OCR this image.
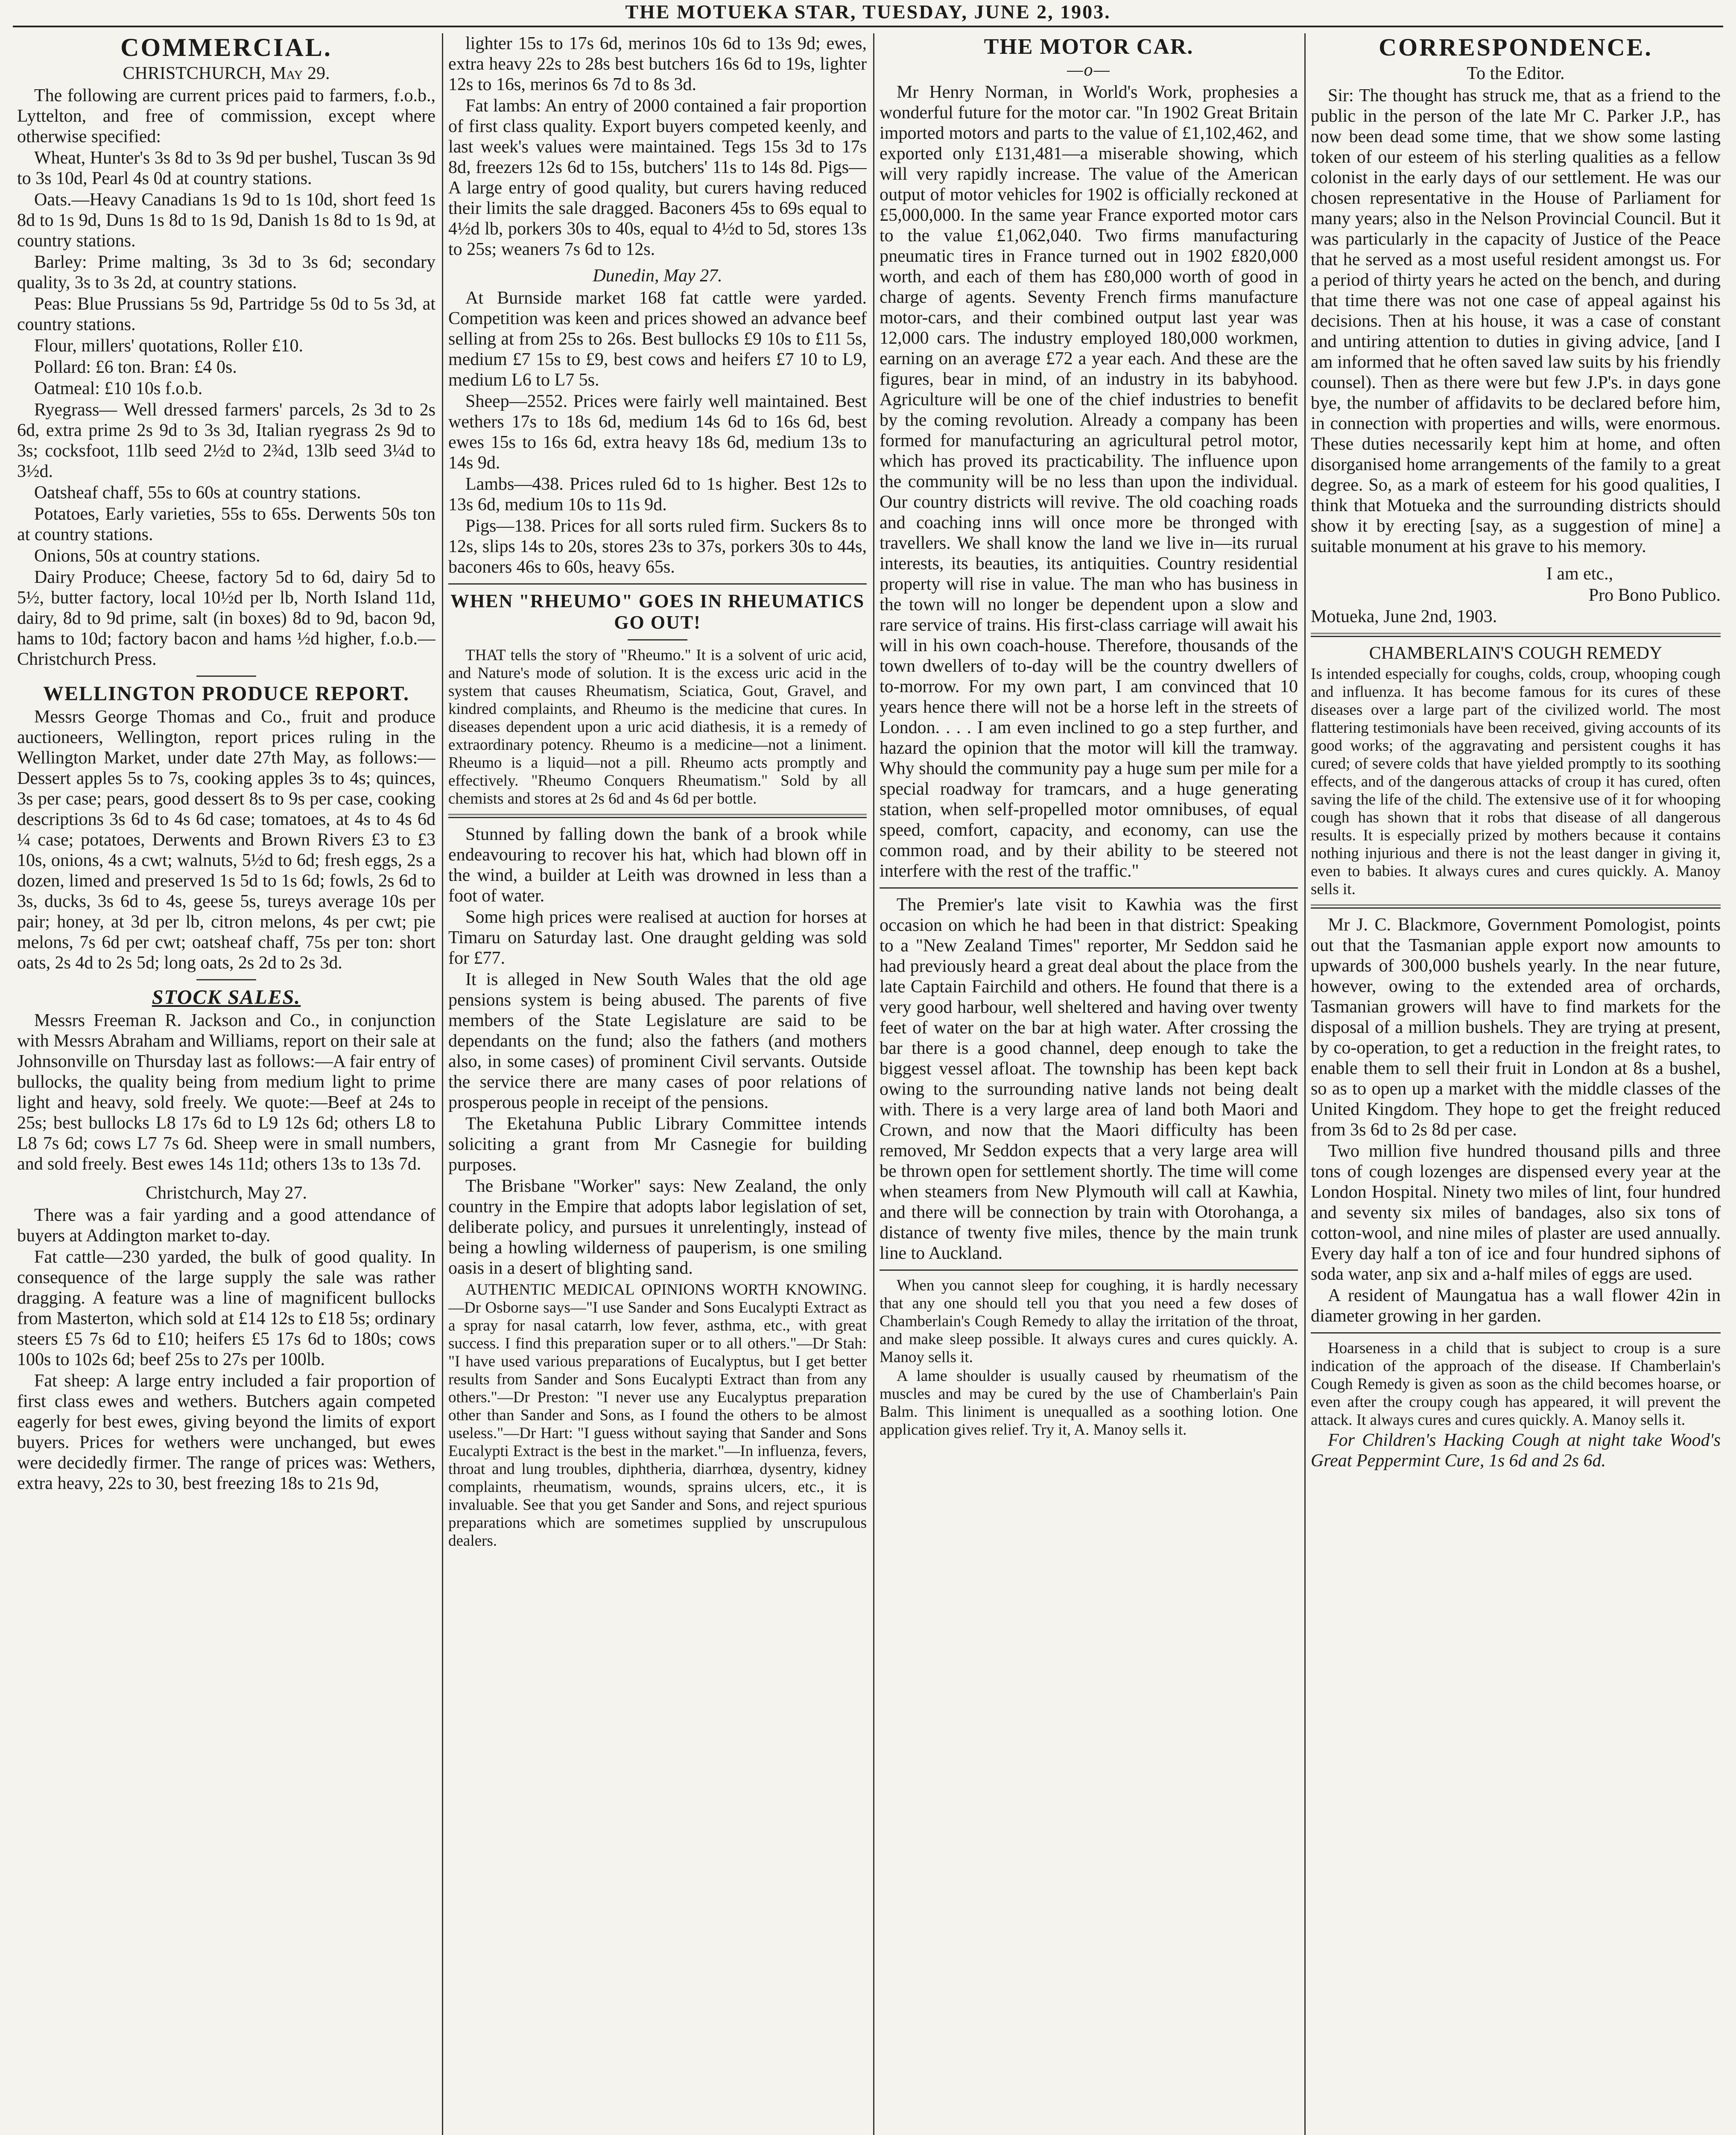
THE MOTUEKA STAR, TUESDAY, JUNE 2, 1903.
COMMERCIAL.

CHRISTCHURCH, May 29.

The following are current prices paid to farmers, f.o.b., Lyttelton, and free of commission, except where otherwise specified:

Wheat, Hunter's 3s 8d to 3s 9d per bushel, Tuscan 3s 9d to 3s 10d, Pearl 4s 0d at country stations.

Oats.—Heavy Canadians 1s 9d to 1s 10d, short feed 1s 8d to 1s 9d, Duns 1s 8d to 1s 9d, Danish 1s 8d to 1s 9d, at country stations.

Barley: Prime malting, 3s 3d to 3s 6d; secondary quality, 3s to 3s 2d, at country stations.

Peas: Blue Prussians 5s 9d, Partridge 5s 0d to 5s 3d, at country stations.

Flour, millers' quotations, Roller £10.

Pollard: £6 ton. Bran: £4 0s.

Oatmeal: £10 10s f.o.b.

Ryegrass— Well dressed farmers' parcels, 2s 3d to 2s 6d, extra prime 2s 9d to 3s 3d, Italian ryegrass 2s 9d to 3s; cocksfoot, 11lb seed 2½d to 2¾d, 13lb seed 3¼d to 3½d.

Oatsheaf chaff, 55s to 60s at country stations.

Potatoes, Early varieties, 55s to 65s. Derwents 50s ton at country stations.

Onions, 50s at country stations.

Dairy Produce; Cheese, factory 5d to 6d, dairy 5d to 5½, butter factory, local 10½d per lb, North Island 11d, dairy, 8d to 9d prime, salt (in boxes) 8d to 9d, bacon 9d, hams to 10d; factory bacon and hams ½d higher, f.o.b.—Christchurch Press.

WELLINGTON PRODUCE REPORT.

Messrs George Thomas and Co., fruit and produce auctioneers, Wellington, report prices ruling in the Wellington Market, under date 27th May, as follows:—Dessert apples 5s to 7s, cooking apples 3s to 4s; quinces, 3s per case; pears, good dessert 8s to 9s per case, cooking descriptions 3s 6d to 4s 6d case; tomatoes, at 4s to 4s 6d ¼ case; potatoes, Derwents and Brown Rivers £3 to £3 10s, onions, 4s a cwt; walnuts, 5½d to 6d; fresh eggs, 2s a dozen, limed and preserved 1s 5d to 1s 6d; fowls, 2s 6d to 3s, ducks, 3s 6d to 4s, geese 5s, tureys average 10s per pair; honey, at 3d per lb, citron melons, 4s per cwt; pie melons, 7s 6d per cwt; oatsheaf chaff, 75s per ton: short oats, 2s 4d to 2s 5d; long oats, 2s 2d to 2s 3d.

STOCK SALES.

Messrs Freeman R. Jackson and Co., in conjunction with Messrs Abraham and Williams, report on their sale at Johnsonville on Thursday last as follows:—A fair entry of bullocks, the quality being from medium light to prime light and heavy, sold freely. We quote:—Beef at 24s to 25s; best bullocks L8 17s 6d to L9 12s 6d; others L8 to L8 7s 6d; cows L7 7s 6d. Sheep were in small numbers, and sold freely. Best ewes 14s 11d; others 13s to 13s 7d.

Christchurch, May 27.

There was a fair yarding and a good attendance of buyers at Addington market to-day.

Fat cattle—230 yarded, the bulk of good quality. In consequence of the large supply the sale was rather dragging. A feature was a line of magnificent bullocks from Masterton, which sold at £14 12s to £18 5s; ordinary steers £5 7s 6d to £10; heifers £5 17s 6d to 180s; cows 100s to 102s 6d; beef 25s to 27s per 100lb.

Fat sheep: A large entry included a fair proportion of first class ewes and wethers. Butchers again competed eagerly for best ewes, giving beyond the limits of export buyers. Prices for wethers were unchanged, but ewes were decidedly firmer. The range of prices was: Wethers, extra heavy, 22s to 30, best freezing 18s to 21s 9d,

lighter 15s to 17s 6d, merinos 10s 6d to 13s 9d; ewes, extra heavy 22s to 28s best butchers 16s 6d to 19s, lighter 12s to 16s, merinos 6s 7d to 8s 3d.

Fat lambs: An entry of 2000 contained a fair proportion of first class quality. Export buyers competed keenly, and last week's values were maintained. Tegs 15s 3d to 17s 8d, freezers 12s 6d to 15s, butchers' 11s to 14s 8d. Pigs—A large entry of good quality, but curers having reduced their limits the sale dragged. Baconers 45s to 69s equal to 4½d lb, porkers 30s to 40s, equal to 4½d to 5d, stores 13s to 25s; weaners 7s 6d to 12s.

Dunedin, May 27.

At Burnside market 168 fat cattle were yarded. Competition was keen and prices showed an advance beef selling at from 25s to 26s. Best bullocks £9 10s to £11 5s, medium £7 15s to £9, best cows and heifers £7 10 to L9, medium L6 to L7 5s.

Sheep—2552. Prices were fairly well maintained. Best wethers 17s to 18s 6d, medium 14s 6d to 16s 6d, best ewes 15s to 16s 6d, extra heavy 18s 6d, medium 13s to 14s 9d.

Lambs—438. Prices ruled 6d to 1s higher. Best 12s to 13s 6d, medium 10s to 11s 9d.

Pigs—138. Prices for all sorts ruled firm. Suckers 8s to 12s, slips 14s to 20s, stores 23s to 37s, porkers 30s to 44s, baconers 46s to 60s, heavy 65s.

WHEN "RHEUMO" GOES IN RHEUMATICS GO OUT!

THAT tells the story of "Rheumo." It is a solvent of uric acid, and Nature's mode of solution. It is the excess uric acid in the system that causes Rheumatism, Sciatica, Gout, Gravel, and kindred complaints, and Rheumo is the medicine that cures. In diseases dependent upon a uric acid diathesis, it is a remedy of extraordinary potency. Rheumo is a medicine—not a liniment. Rheumo is a liquid—not a pill. Rheumo acts promptly and effectively. "Rheumo Conquers Rheumatism." Sold by all chemists and stores at 2s 6d and 4s 6d per bottle.

Stunned by falling down the bank of a brook while endeavouring to recover his hat, which had blown off in the wind, a builder at Leith was drowned in less than a foot of water.

Some high prices were realised at auction for horses at Timaru on Saturday last. One draught gelding was sold for £77.

It is alleged in New South Wales that the old age pensions system is being abused. The parents of five members of the State Legislature are said to be dependants on the fund; also the fathers (and mothers also, in some cases) of prominent Civil servants. Outside the service there are many cases of poor relations of prosperous people in receipt of the pensions.

The Eketahuna Public Library Committee intends soliciting a grant from Mr Casnegie for building purposes.

The Brisbane "Worker" says: New Zealand, the only country in the Empire that adopts labor legislation of set, deliberate policy, and pursues it unrelentingly, instead of being a howling wilderness of pauperism, is one smiling oasis in a desert of blighting sand.

AUTHENTIC MEDICAL OPINIONS WORTH KNOWING.—Dr Osborne says—"I use Sander and Sons Eucalypti Extract as a spray for nasal catarrh, low fever, asthma, etc., with great success. I find this preparation super or to all others."—Dr Stah: "I have used various preparations of Eucalyptus, but I get better results from Sander and Sons Eucalypti Extract than from any others."—Dr Preston: "I never use any Eucalyptus preparation other than Sander and Sons, as I found the others to be almost useless."—Dr Hart: "I guess without saying that Sander and Sons Eucalypti Extract is the best in the market."—In influenza, fevers, throat and lung troubles, diphtheria, diarrhœa, dysentry, kidney complaints, rheumatism, wounds, sprains ulcers, etc., it is invaluable. See that you get Sander and Sons, and reject spurious preparations which are sometimes supplied by unscrupulous dealers.

THE MOTOR CAR.

—o—

Mr Henry Norman, in World's Work, prophesies a wonderful future for the motor car. "In 1902 Great Britain imported motors and parts to the value of £1,102,462, and exported only £131,481—a miserable showing, which will very rapidly increase. The value of the American output of motor vehicles for 1902 is officially reckoned at £5,000,000. In the same year France exported motor cars to the value £1,062,040. Two firms manufacturing pneumatic tires in France turned out in 1902 £820,000 worth, and each of them has £80,000 worth of good in charge of agents. Seventy French firms manufacture motor-cars, and their combined output last year was 12,000 cars. The industry employed 180,000 workmen, earning on an average £72 a year each. And these are the figures, bear in mind, of an industry in its babyhood. Agriculture will be one of the chief industries to benefit by the coming revolution. Already a company has been formed for manufacturing an agricultural petrol motor, which has proved its practicability. The influence upon the community will be no less than upon the individual. Our country districts will revive. The old coaching roads and coaching inns will once more be thronged with travellers. We shall know the land we live in—its rurual interests, its beauties, its antiquities. Country residential property will rise in value. The man who has business in the town will no longer be dependent upon a slow and rare service of trains. His first-class carriage will await his will in his own coach-house. Therefore, thousands of the town dwellers of to-day will be the country dwellers of to-morrow. For my own part, I am convinced that 10 years hence there will not be a horse left in the streets of London. . . . I am even inclined to go a step further, and hazard the opinion that the motor will kill the tramway. Why should the community pay a huge sum per mile for a special roadway for tramcars, and a huge generating station, when self-propelled motor omnibuses, of equal speed, comfort, capacity, and economy, can use the common road, and by their ability to be steered not interfere with the rest of the traffic."

The Premier's late visit to Kawhia was the first occasion on which he had been in that district: Speaking to a "New Zealand Times" reporter, Mr Seddon said he had previously heard a great deal about the place from the late Captain Fairchild and others. He found that there is a very good harbour, well sheltered and having over twenty feet of water on the bar at high water. After crossing the bar there is a good channel, deep enough to take the biggest vessel afloat. The township has been kept back owing to the surrounding native lands not being dealt with. There is a very large area of land both Maori and Crown, and now that the Maori difficulty has been removed, Mr Seddon expects that a very large area will be thrown open for settlement shortly. The time will come when steamers from New Plymouth will call at Kawhia, and there will be connection by train with Otorohanga, a distance of twenty five miles, thence by the main trunk line to Auckland.

When you cannot sleep for coughing, it is hardly necessary that any one should tell you that you need a few doses of Chamberlain's Cough Remedy to allay the irritation of the throat, and make sleep possible. It always cures and cures quickly. A. Manoy sells it.

A lame shoulder is usually caused by rheumatism of the muscles and may be cured by the use of Chamberlain's Pain Balm. This liniment is unequalled as a soothing lotion. One application gives relief. Try it, A. Manoy sells it.

CORRESPONDENCE.

To the Editor.

Sir: The thought has struck me, that as a friend to the public in the person of the late Mr C. Parker J.P., has now been dead some time, that we show some lasting token of our esteem of his sterling qualities as a fellow colonist in the early days of our settlement. He was our chosen representative in the House of Parliament for many years; also in the Nelson Provincial Council. But it was particularly in the capacity of Justice of the Peace that he served as a most useful resident amongst us. For a period of thirty years he acted on the bench, and during that time there was not one case of appeal against his decisions. Then at his house, it was a case of constant and untiring attention to duties in giving advice, [and I am informed that he often saved law suits by his friendly counsel). Then as there were but few J.P's. in days gone bye, the number of affidavits to be declared before him, in connection with properties and wills, were enormous. These duties necessarily kept him at home, and often disorganised home arrangements of the family to a great degree. So, as a mark of esteem for his good qualities, I think that Motueka and the surrounding districts should show it by erecting [say, as a suggestion of mine] a suitable monument at his grave to his memory.

I am etc.,

Pro Bono Publico.

Motueka, June 2nd, 1903.

CHAMBERLAIN'S COUGH REMEDY

Is intended especially for coughs, colds, croup, whooping cough and influenza. It has become famous for its cures of these diseases over a large part of the civilized world. The most flattering testimonials have been received, giving accounts of its good works; of the aggravating and persistent coughs it has cured; of severe colds that have yielded promptly to its soothing effects, and of the dangerous attacks of croup it has cured, often saving the life of the child. The extensive use of it for whooping cough has shown that it robs that disease of all dangerous results. It is especially prized by mothers because it contains nothing injurious and there is not the least danger in giving it, even to babies. It always cures and cures quickly. A. Manoy sells it.

Mr J. C. Blackmore, Government Pomologist, points out that the Tasmanian apple export now amounts to upwards of 300,000 bushels yearly. In the near future, however, owing to the extended area of orchards, Tasmanian growers will have to find markets for the disposal of a million bushels. They are trying at present, by co-operation, to get a reduction in the freight rates, to enable them to sell their fruit in London at 8s a bushel, so as to open up a market with the middle classes of the United Kingdom. They hope to get the freight reduced from 3s 6d to 2s 8d per case.

Two million five hundred thousand pills and three tons of cough lozenges are dispensed every year at the London Hospital. Ninety two miles of lint, four hundred and seventy six miles of bandages, also six tons of cotton-wool, and nine miles of plaster are used annually. Every day half a ton of ice and four hundred siphons of soda water, anp six and a-half miles of eggs are used.

A resident of Maungatua has a wall flower 42in in diameter growing in her garden.

Hoarseness in a child that is subject to croup is a sure indication of the approach of the disease. If Chamberlain's Cough Remedy is given as soon as the child becomes hoarse, or even after the croupy cough has appeared, it will prevent the attack. It always cures and cures quickly. A. Manoy sells it.

For Children's Hacking Cough at night take Wood's Great Peppermint Cure, 1s 6d and 2s 6d.
